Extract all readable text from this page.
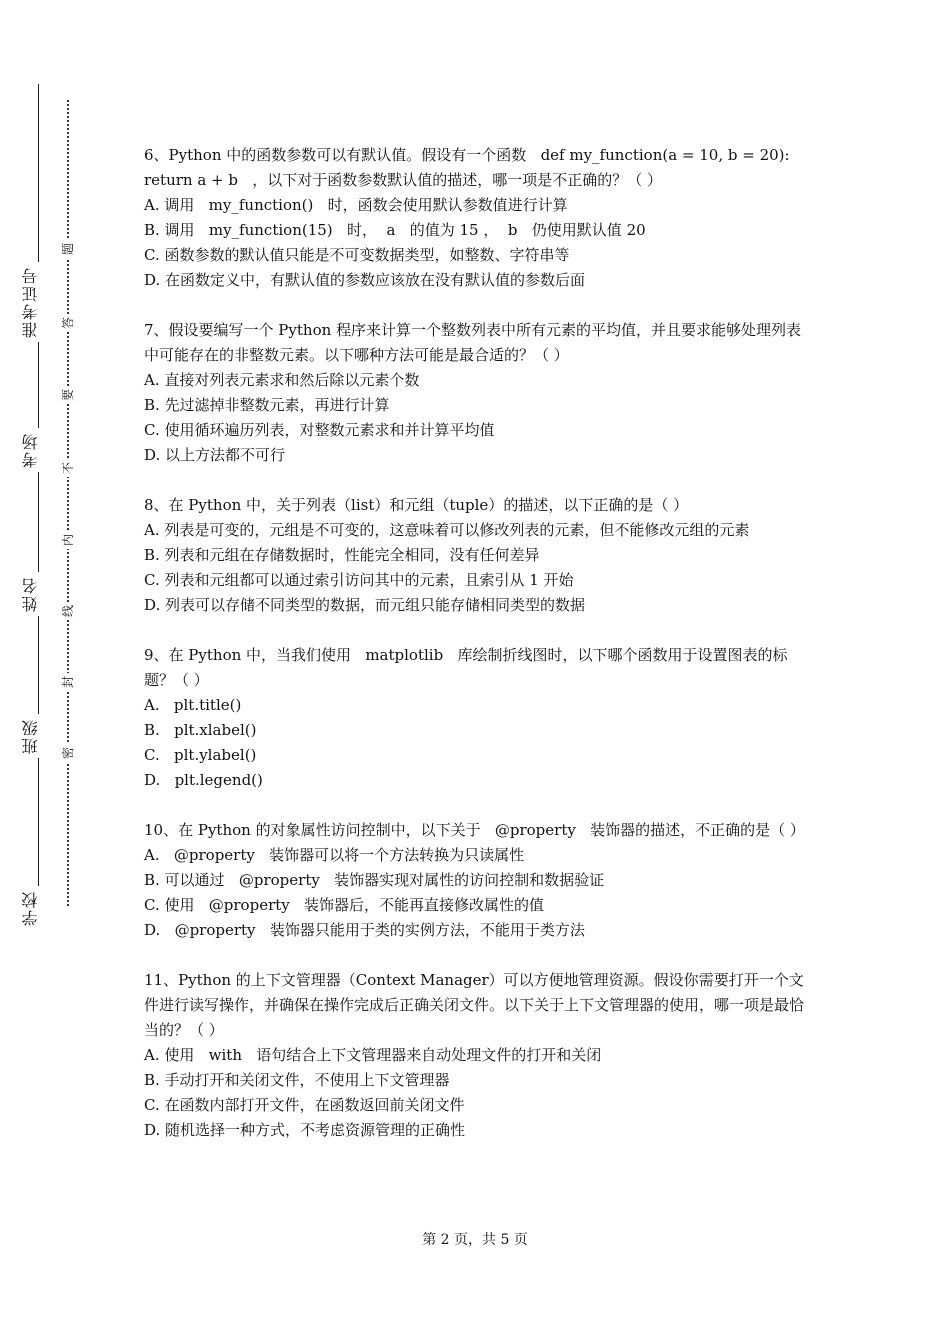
准考证号
考场
姓名
班级
学校
题
答
要
不
内
线
封
密

6、Python 中的函数参数可以有默认值。假设有一个函数   def my_function(a = 10, b = 20): return a + b   ，以下对于函数参数默认值的描述，哪一项是不正确的？（ ）

A. 调用   my_function()   时，函数会使用默认参数值进行计算

B. 调用   my_function(15)   时，  a   的值为 15 ，  b   仍使用默认值 20

C. 函数参数的默认值只能是不可变数据类型，如整数、字符串等

D. 在函数定义中，有默认值的参数应该放在没有默认值的参数后面

7、假设要编写一个 Python 程序来计算一个整数列表中所有元素的平均值，并且要求能够处理列表中可能存在的非整数元素。以下哪种方法可能是最合适的？（ ）

A. 直接对列表元素求和然后除以元素个数

B. 先过滤掉非整数元素，再进行计算

C. 使用循环遍历列表，对整数元素求和并计算平均值

D. 以上方法都不可行

8、在 Python 中，关于列表（list）和元组（tuple）的描述，以下正确的是（ ）

A. 列表是可变的，元组是不可变的，这意味着可以修改列表的元素，但不能修改元组的元素

B. 列表和元组在存储数据时，性能完全相同，没有任何差异

C. 列表和元组都可以通过索引访问其中的元素，且索引从 1 开始

D. 列表可以存储不同类型的数据，而元组只能存储相同类型的数据

9、在 Python 中，当我们使用   matplotlib   库绘制折线图时，以下哪个函数用于设置图表的标题？（ ）

A.   plt.title()

B.   plt.xlabel()

C.   plt.ylabel()

D.   plt.legend()

10、在 Python 的对象属性访问控制中，以下关于   @property   装饰器的描述，不正确的是（ ）

A.   @property   装饰器可以将一个方法转换为只读属性

B. 可以通过   @property   装饰器实现对属性的访问控制和数据验证

C. 使用   @property   装饰器后，不能再直接修改属性的值

D.   @property   装饰器只能用于类的实例方法，不能用于类方法

11、Python 的上下文管理器（Context Manager）可以方便地管理资源。假设你需要打开一个文件进行读写操作，并确保在操作完成后正确关闭文件。以下关于上下文管理器的使用，哪一项是最恰当的？（ ）

A. 使用   with   语句结合上下文管理器来自动处理文件的打开和关闭

B. 手动打开和关闭文件，不使用上下文管理器

C. 在函数内部打开文件，在函数返回前关闭文件

D. 随机选择一种方式，不考虑资源管理的正确性

第 2 页，共 5 页
